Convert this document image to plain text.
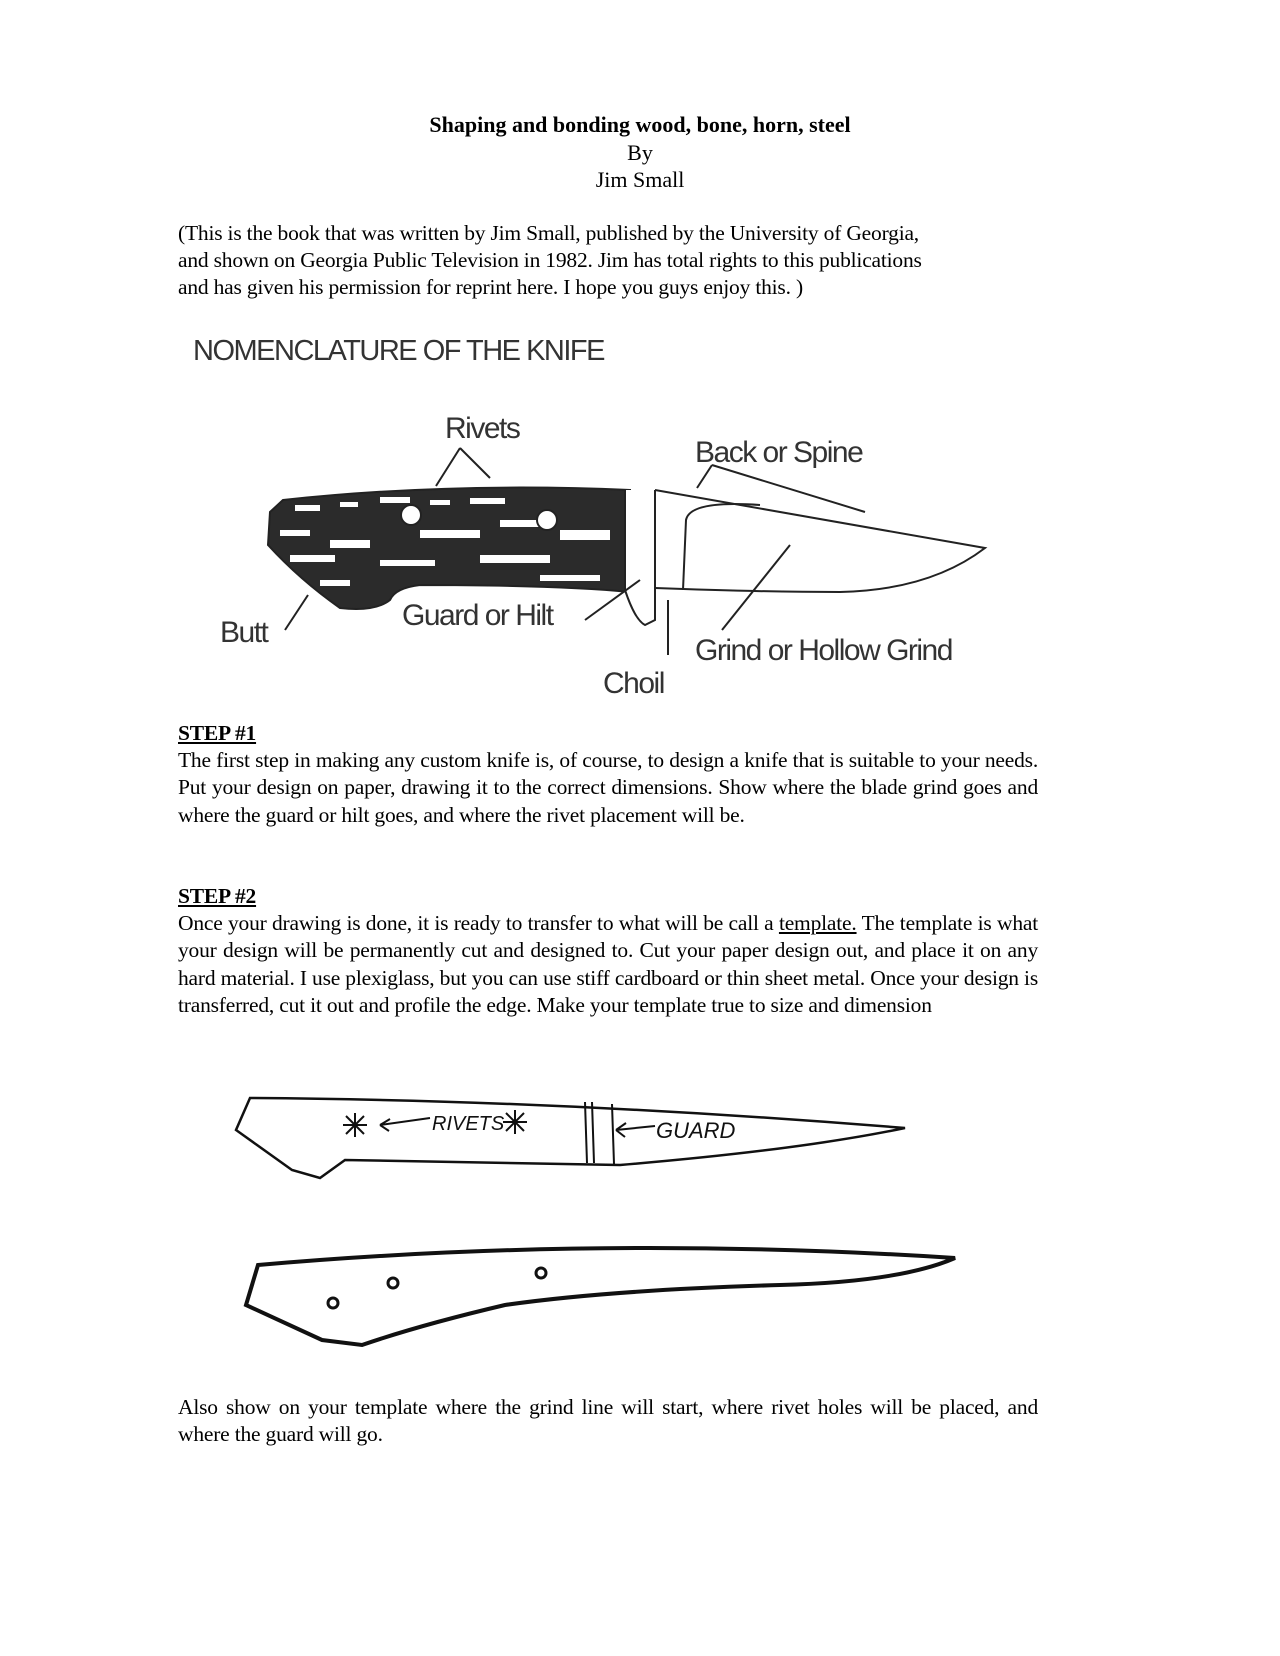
Shaping and bonding wood, bone, horn, steel
By
Jim Small

(This is the book that was written by Jim Small, published by the University of Georgia,

and shown on Georgia Public Television in 1982. Jim has total rights to this publications

and has given his permission for reprint here. I hope you guys enjoy this. )

NOMENCLATURE OF THE KNIFE
Rivets
Back or Spine
Butt
Guard or Hilt
Choil
Grind or Hollow Grind

STEP #1

The first step in making any custom knife is, of course, to design a knife that is suitable to your needs. Put your design on paper, drawing it to the correct dimensions. Show where the blade grind goes and where the guard or hilt goes, and where the rivet placement will be.

STEP #2

Once your drawing is done, it is ready to transfer to what will be call a template. The template is what your design will be permanently cut and designed to. Cut your paper design out, and place it on any hard material. I use plexiglass, but you can use stiff cardboard or thin sheet metal. Once your design is transferred, cut it out and profile the edge. Make your template true to size and dimension

RIVETS	GUARD
Also show on your template where the grind line will start, where rivet holes will be placed, and where the guard will go.
